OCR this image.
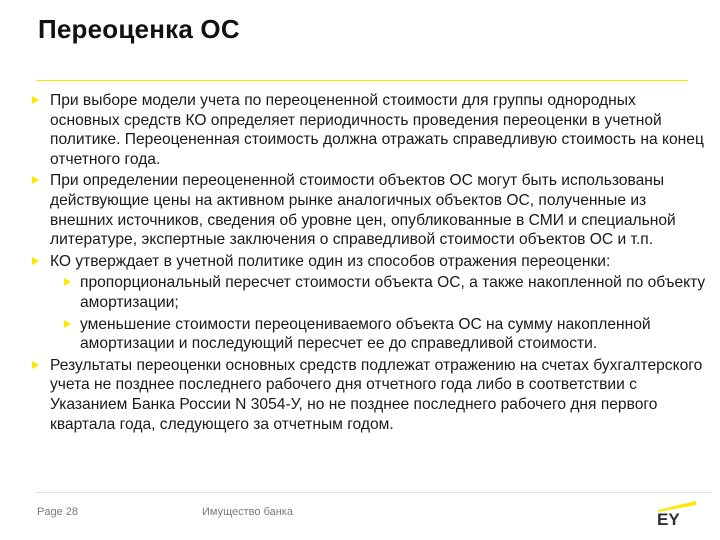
Переоценка ОС
При выборе модели учета по переоцененной стоимости для группы однородных основных средств КО определяет периодичность проведения переоценки в учетной политике. Переоцененная стоимость должна отражать справедливую стоимость на конец отчетного года.
При определении переоцененной стоимости объектов ОС могут быть использованы действующие цены на активном рынке аналогичных объектов ОС, полученные из внешних источников, сведения об уровне цен, опубликованные в СМИ и специальной литературе, экспертные заключения о справедливой стоимости объектов ОС и т.п.
КО утверждает в учетной политике один из способов отражения переоценки:
пропорциональный пересчет стоимости объекта ОС, а также накопленной по объекту амортизации;
уменьшение стоимости переоцениваемого объекта ОС на сумму накопленной амортизации и последующий пересчет ее до справедливой стоимости.
Результаты переоценки основных средств подлежат отражению на счетах бухгалтерского учета не позднее последнего рабочего дня отчетного года либо в соответствии с Указанием Банка России N 3054-У, но не позднее последнего рабочего дня первого квартала года, следующего за отчетным годом.
Page 28	Имущество банка	EY
